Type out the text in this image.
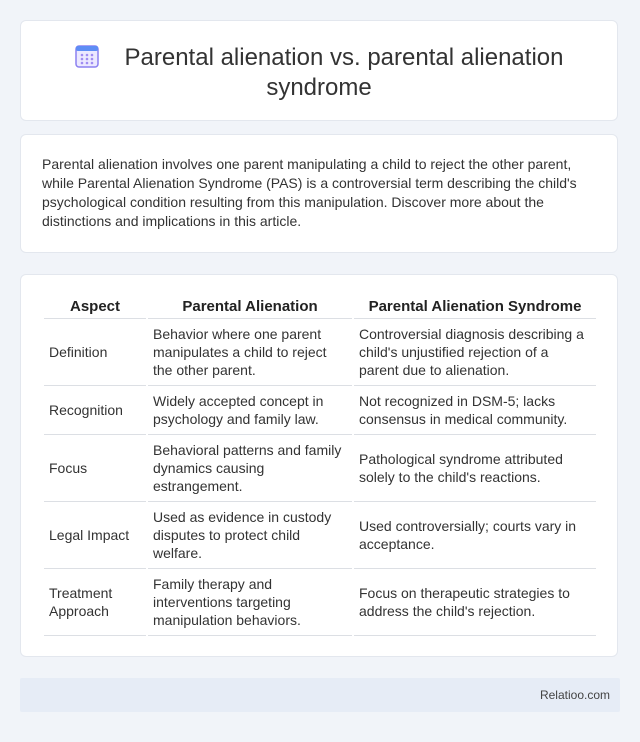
Parental alienation vs. parental alienation syndrome

Parental alienation involves one parent manipulating a child to reject the other parent, while Parental Alienation Syndrome (PAS) is a controversial term describing the child's psychological condition resulting from this manipulation. Discover more about the distinctions and implications in this article.

Aspect	Parental Alienation	Parental Alienation Syndrome
Definition	Behavior where one parent manipulates a child to reject the other parent.	Controversial diagnosis describing a child's unjustified rejection of a parent due to alienation.
Recognition	Widely accepted concept in psychology and family law.	Not recognized in DSM-5; lacks consensus in medical community.
Focus	Behavioral patterns and family dynamics causing estrangement.	Pathological syndrome attributed solely to the child's reactions.
Legal Impact	Used as evidence in custody disputes to protect child welfare.	Used controversially; courts vary in acceptance.
Treatment Approach	Family therapy and interventions targeting manipulation behaviors.	Focus on therapeutic strategies to address the child's rejection.
Relatioo.com
